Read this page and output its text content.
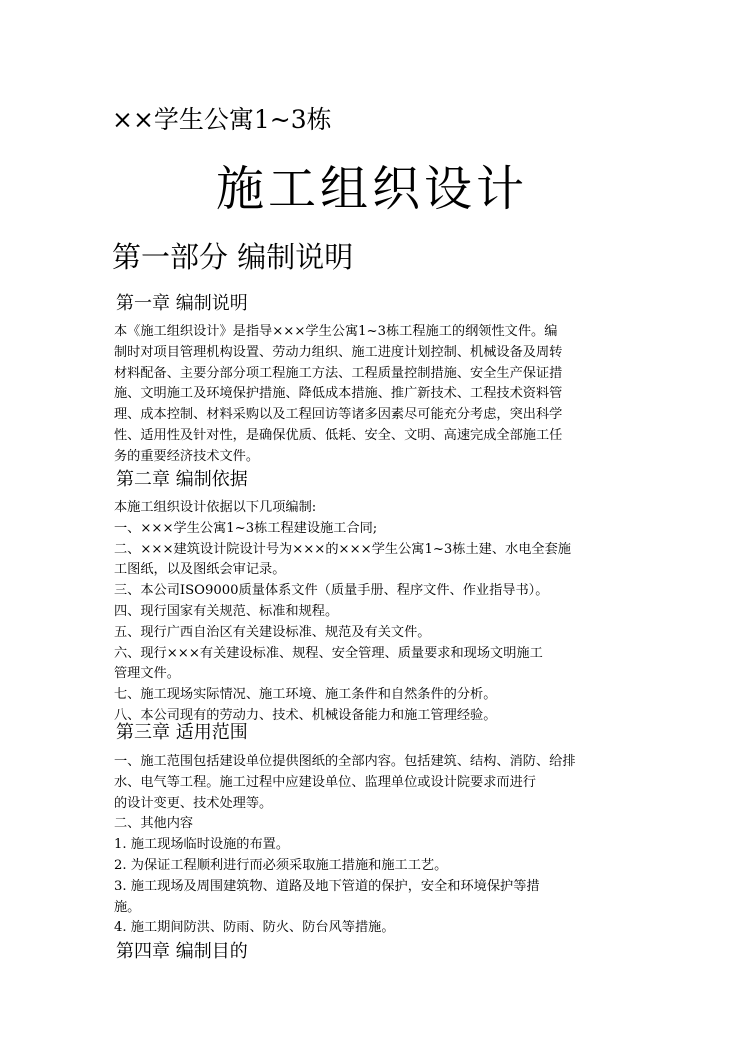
××学生公寓1~3栋
施工组织设计
第一部分 编制说明
第一章 编制说明
本《施工组织设计》是指导×××学生公寓1~3栋工程施工的纲领性文件。编
制时对项目管理机构设置、劳动力组织、施工进度计划控制、机械设备及周转
材料配备、主要分部分项工程施工方法、工程质量控制措施、安全生产保证措
施、文明施工及环境保护措施、降低成本措施、推广新技术、工程技术资料管
理、成本控制、材料采购以及工程回访等诸多因素尽可能充分考虑，突出科学
性、适用性及针对性，是确保优质、低耗、安全、文明、高速完成全部施工任
务的重要经济技术文件。
第二章 编制依据
本施工组织设计依据以下几项编制:
一、×××学生公寓1~3栋工程建设施工合同;
二、×××建筑设计院设计号为×××的×××学生公寓1~3栋土建、水电全套施
工图纸，以及图纸会审记录。
三、本公司ISO9000质量体系文件（质量手册、程序文件、作业指导书）。
四、现行国家有关规范、标准和规程。
五、现行广西自治区有关建设标准、规范及有关文件。
六、现行×××有关建设标准、规程、安全管理、质量要求和现场文明施工
管理文件。
七、施工现场实际情况、施工环境、施工条件和自然条件的分析。
八、本公司现有的劳动力、技术、机械设备能力和施工管理经验。
第三章 适用范围
一、施工范围包括建设单位提供图纸的全部内容。包括建筑、结构、消防、给排
水、电气等工程。施工过程中应建设单位、监理单位或设计院要求而进行
的设计变更、技术处理等。
二、其他内容
1. 施工现场临时设施的布置。
2. 为保证工程顺利进行而必须采取施工措施和施工工艺。
3. 施工现场及周围建筑物、道路及地下管道的保护，安全和环境保护等措
施。
4. 施工期间防洪、防雨、防火、防台风等措施。
第四章 编制目的
